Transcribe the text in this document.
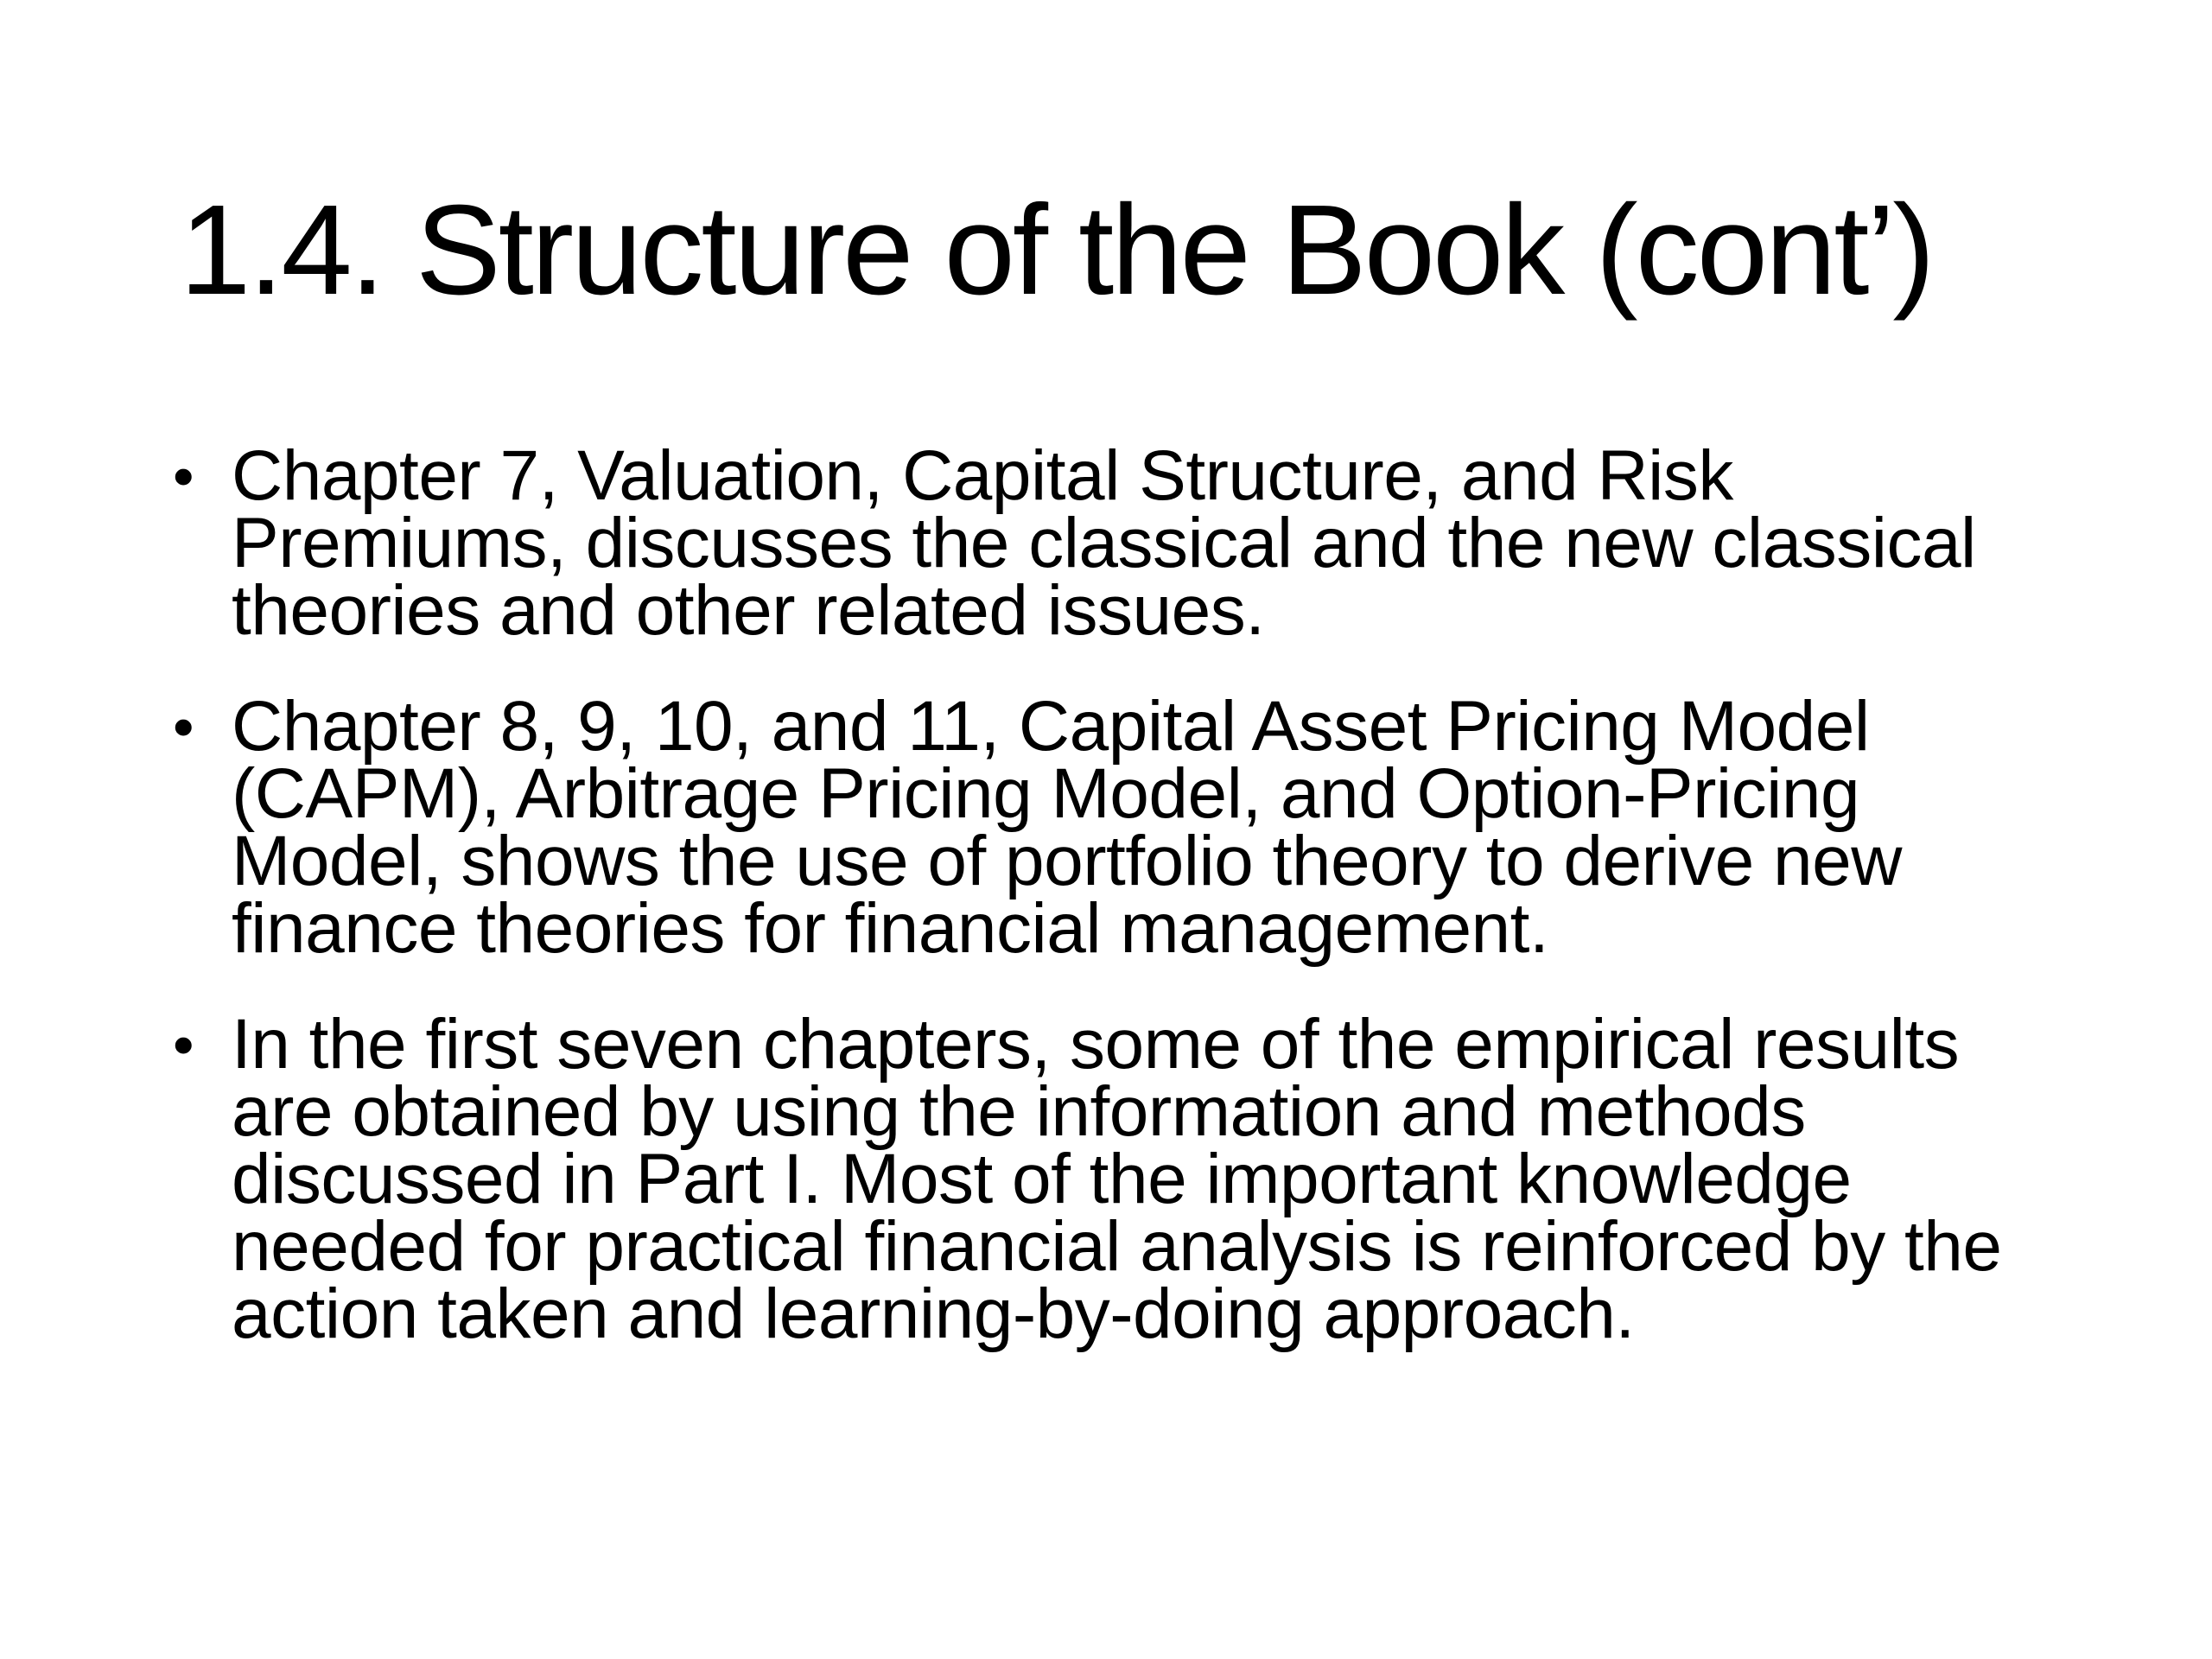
1.4. Structure of the Book (cont’)
• Chapter 7, Valuation, Capital Structure, and Risk Premiums, discusses the classical and the new classical theories and other related issues.
• Chapter 8, 9, 10, and 11, Capital Asset Pricing Model (CAPM), Arbitrage Pricing Model, and Option-Pricing Model, shows the use of portfolio theory to derive new finance theories for financial management.
• In the first seven chapters, some of the empirical results are obtained by using the information and methods discussed in Part I. Most of the important knowledge needed for practical financial analysis is reinforced by the action taken and learning-by-doing approach.
